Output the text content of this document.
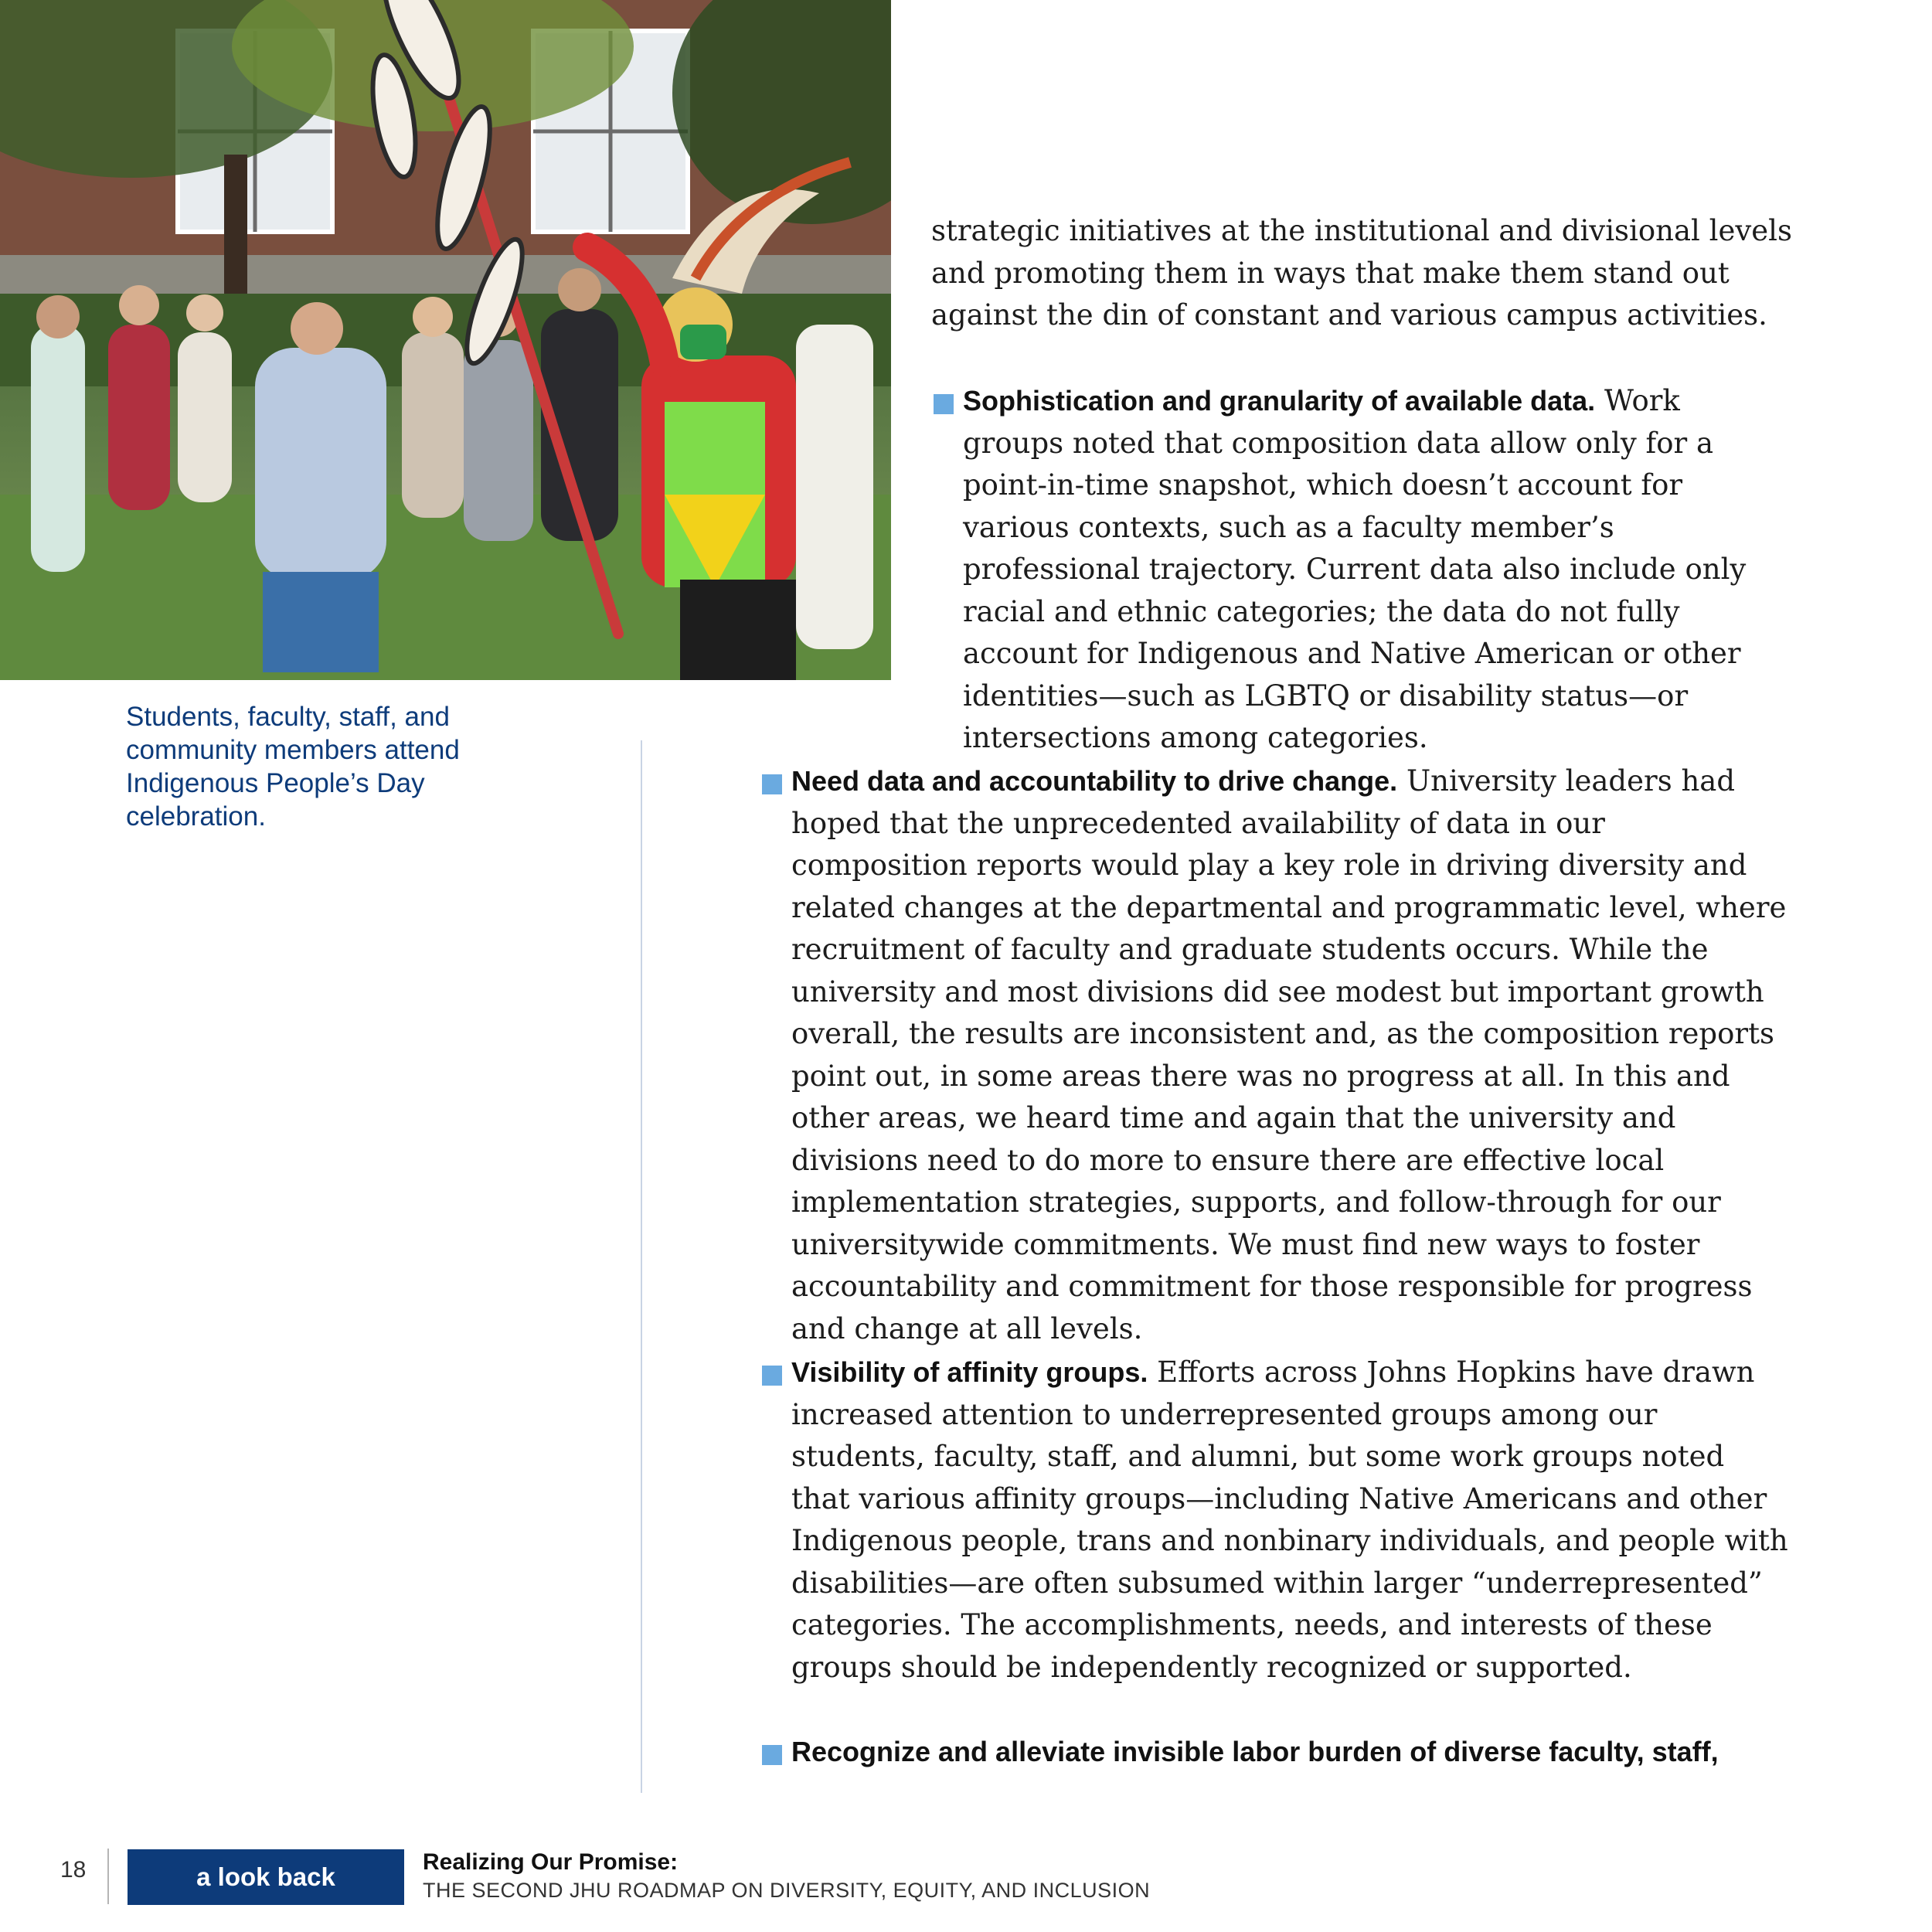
Students, faculty, staff, and community members attend Indigenous People’s Day celebration.

strategic initiatives at the institutional and divisional levels and promoting them in ways that make them stand out against the din of constant and various campus activities.

Sophistication and granularity of available data. Work groups noted that composition data allow only for a point-in-time snapshot, which doesn’t account for various contexts, such as a faculty member’s professional trajectory. Current data also include only racial and ethnic categories; the data do not fully account for Indigenous and Native American or other identities—such as LGBTQ or disability status—or intersections among categories.

Need data and accountability to drive change. University leaders had hoped that the unprecedented availability of data in our composition reports would play a key role in driving diversity and related changes at the departmental and programmatic level, where recruitment of faculty and graduate students occurs. While the university and most divisions did see modest but important growth overall, the results are inconsistent and, as the composition reports point out, in some areas there was no progress at all. In this and other areas, we heard time and again that the university and divisions need to do more to ensure there are effective local implementation strategies, supports, and follow-through for our universitywide commitments. We must find new ways to foster accountability and commitment for those responsible for progress and change at all levels.

Visibility of affinity groups. Efforts across Johns Hopkins have drawn increased attention to underrepresented groups among our students, faculty, staff, and alumni, but some work groups noted that various affinity groups—including Native Americans and other Indigenous people, trans and nonbinary individuals, and people with disabilities—are often subsumed within larger “underrepresented” categories. The accomplishments, needs, and interests of these groups should be independently recognized or supported.

Recognize and alleviate invisible labor burden of diverse faculty, staff,

18	a look back
Realizing Our Promise:
THE SECOND JHU ROADMAP ON DIVERSITY, EQUITY, AND INCLUSION
